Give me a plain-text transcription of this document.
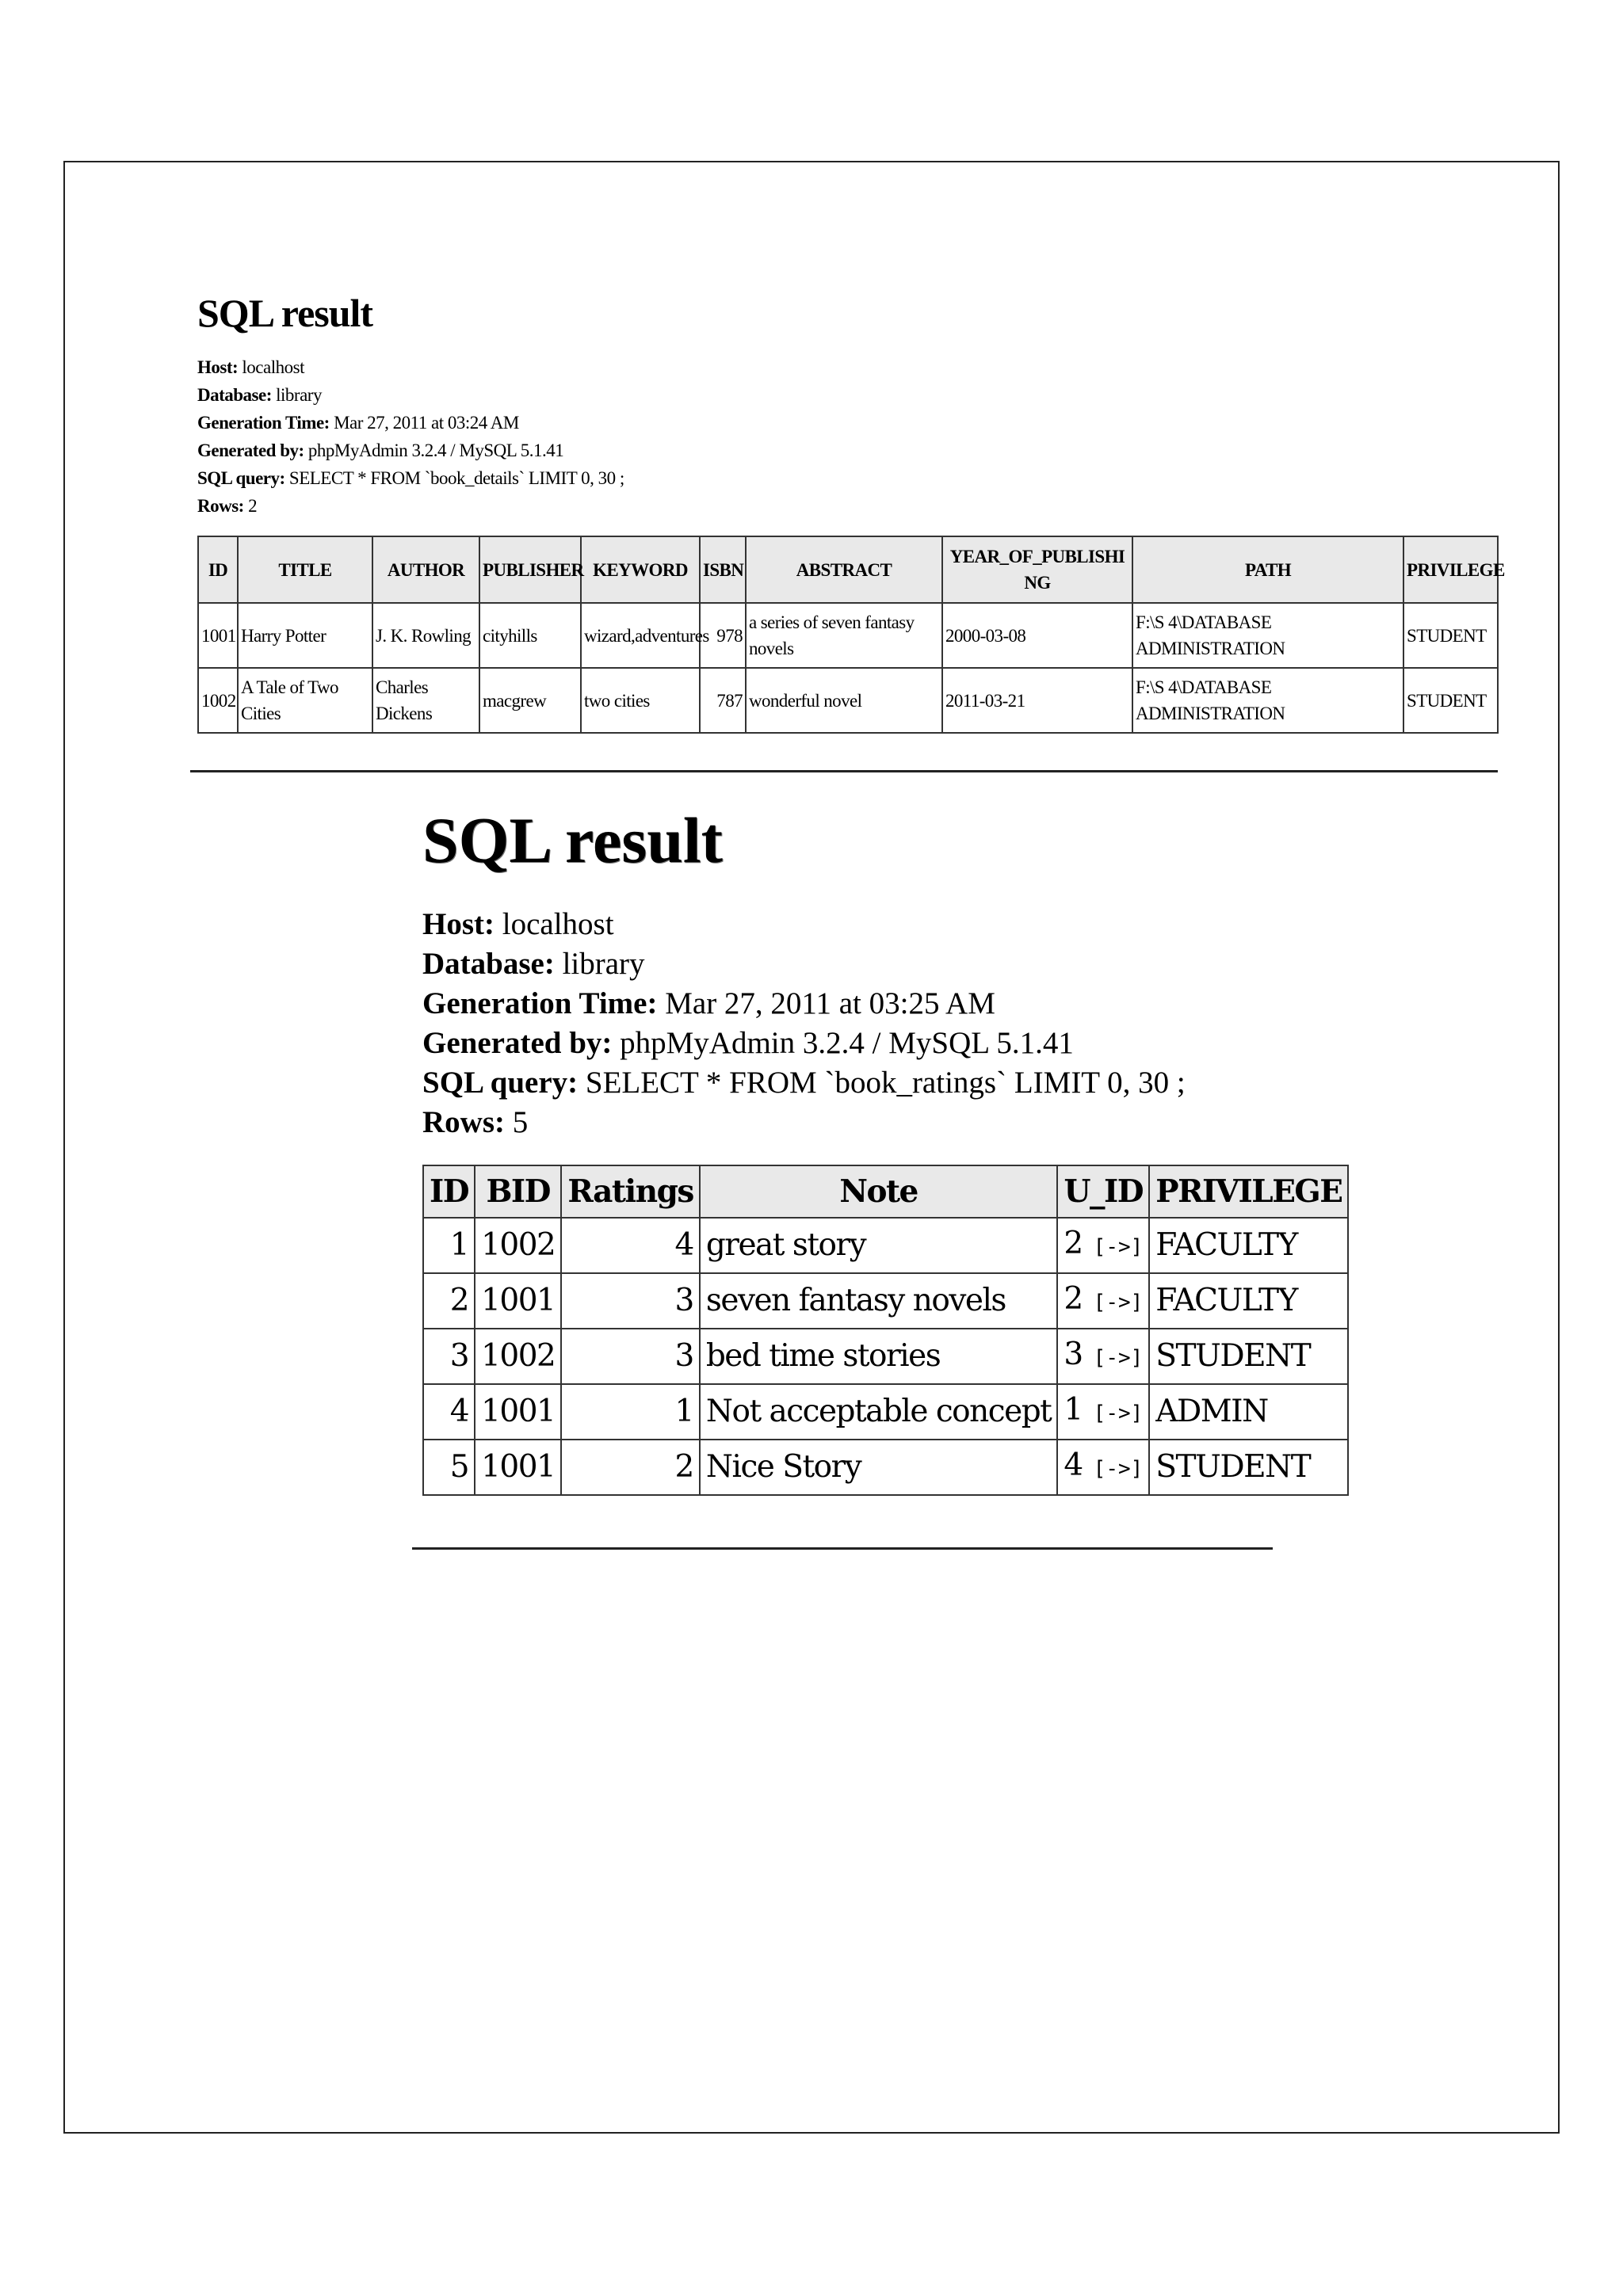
SQL result
Host: localhost
Database: library
Generation Time: Mar 27, 2011 at 03:24 AM
Generated by: phpMyAdmin 3.2.4 / MySQL 5.1.41
SQL query: SELECT * FROM `book_details` LIMIT 0, 30 ;
Rows: 2
ID	TITLE	AUTHOR	PUBLISHER	KEYWORD	ISBN	ABSTRACT	YEAR_OF_PUBLISHING	PATH	PRIVILEGE
1001	Harry Potter	J. K. Rowling	cityhills	wizard,adventures	978	a series of seven fantasy novels	2000-03-08	F:\S 4\DATABASE ADMINISTRATION	STUDENT
1002	A Tale of Two Cities	Charles Dickens	macgrew	two cities	787	wonderful novel	2011-03-21	F:\S 4\DATABASE ADMINISTRATION	STUDENT
SQL result
Host: localhost
Database: library
Generation Time: Mar 27, 2011 at 03:25 AM
Generated by: phpMyAdmin 3.2.4 / MySQL 5.1.41
SQL query: SELECT * FROM `book_ratings` LIMIT 0, 30 ;
Rows: 5
ID	BID	Ratings	Note	U_ID	PRIVILEGE
1	1002	4	great story	2 [->]	FACULTY
2	1001	3	seven fantasy novels	2 [->]	FACULTY
3	1002	3	bed time stories	3 [->]	STUDENT
4	1001	1	Not acceptable concept	1 [->]	ADMIN
5	1001	2	Nice Story	4 [->]	STUDENT
